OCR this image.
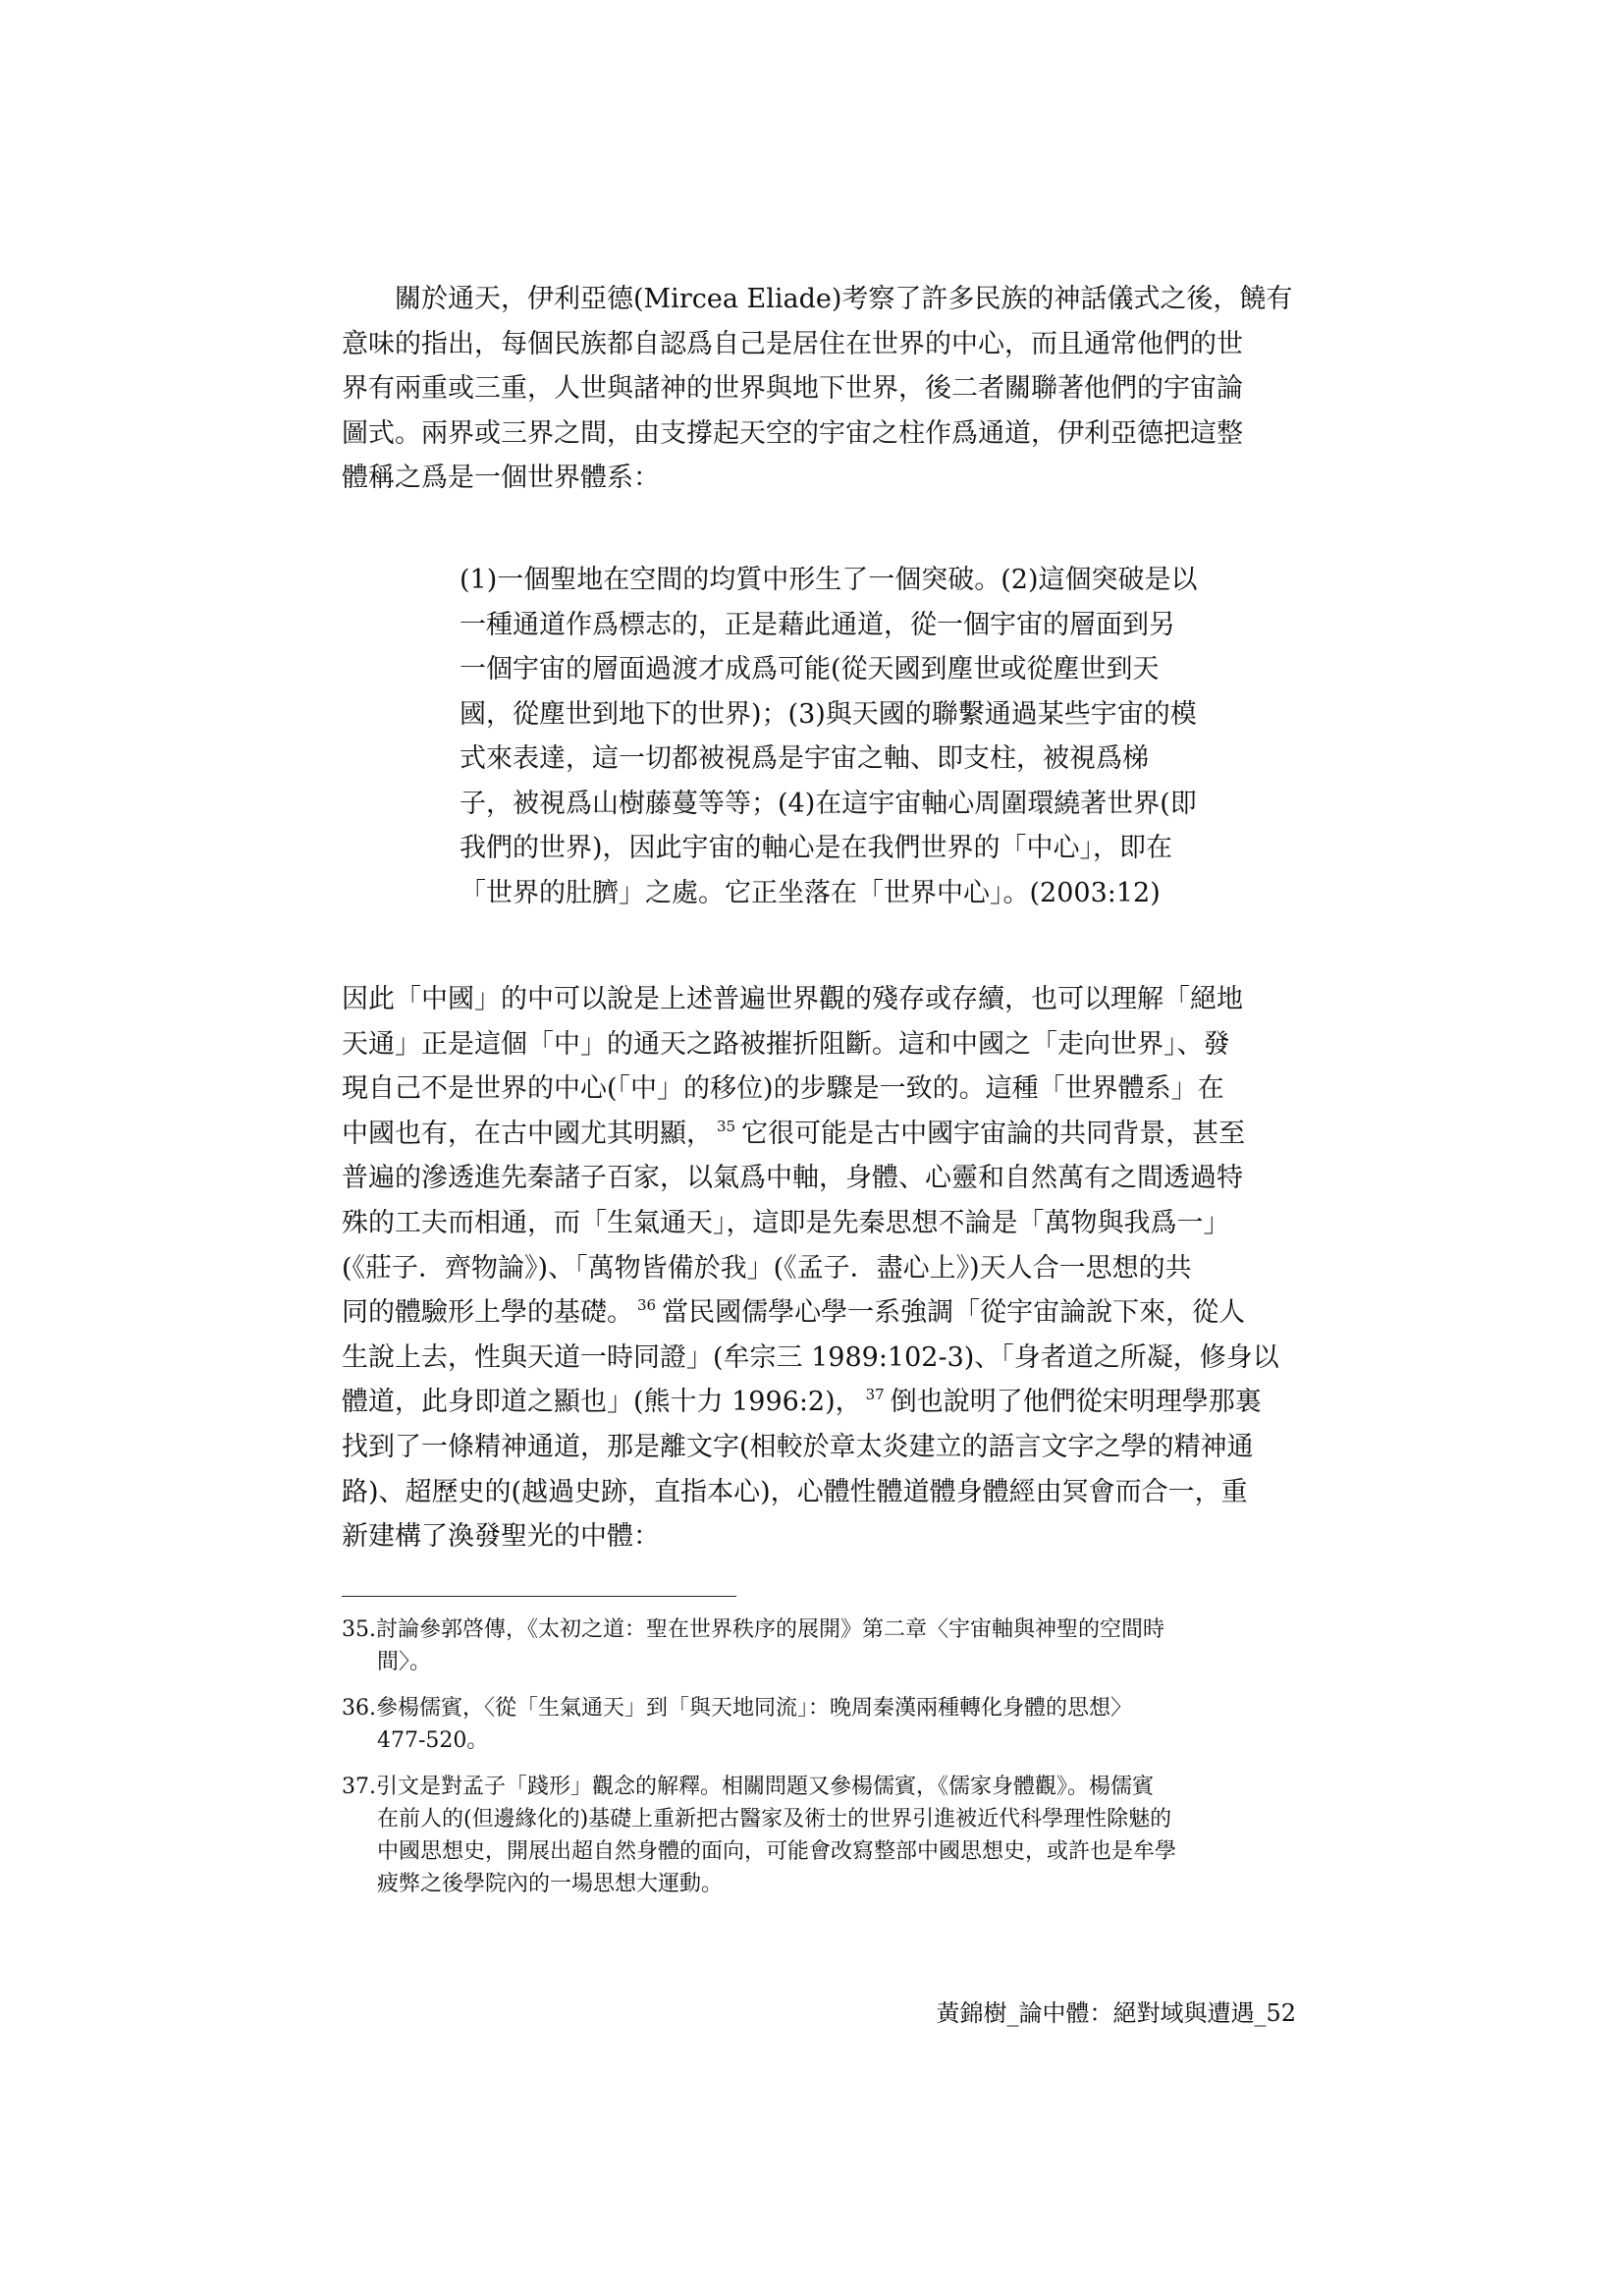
　　關於通天，伊利亞德(Mircea Eliade)考察了許多民族的神話儀式之後，饒有
意味的指出，每個民族都自認爲自己是居住在世界的中心，而且通常他們的世
界有兩重或三重，人世與諸神的世界與地下世界，後二者關聯著他們的宇宙論
圖式。兩界或三界之間，由支撐起天空的宇宙之柱作爲通道，伊利亞德把這整
體稱之爲是一個世界體系：
(1)一個聖地在空間的均質中形生了一個突破。(2)這個突破是以
一種通道作爲標志的，正是藉此通道，從一個宇宙的層面到另
一個宇宙的層面過渡才成爲可能(從天國到塵世或從塵世到天
國，從塵世到地下的世界)；(3)與天國的聯繫通過某些宇宙的模
式來表達，這一切都被視爲是宇宙之軸、即支柱，被視爲梯
子，被視爲山樹藤蔓等等；(4)在這宇宙軸心周圍環繞著世界(即
我們的世界)，因此宇宙的軸心是在我們世界的「中心」，即在
「世界的肚臍」之處。它正坐落在「世界中心」。(2003:12)
因此「中國」的中可以說是上述普遍世界觀的殘存或存續，也可以理解「絕地
天通」正是這個「中」的通天之路被摧折阻斷。這和中國之「走向世界」、發
現自己不是世界的中心(「中」的移位)的步驟是一致的。這種「世界體系」在
中國也有，在古中國尤其明顯， $^{35}$ 它很可能是古中國宇宙論的共同背景，甚至
普遍的滲透進先秦諸子百家，以氣爲中軸，身體、心靈和自然萬有之間透過特
殊的工夫而相通，而「生氣通天」，這即是先秦思想不論是「萬物與我爲一」
(《莊子．齊物論》)、「萬物皆備於我」(《孟子．盡心上》)天人合一思想的共
同的體驗形上學的基礎。 $^{36}$ 當民國儒學心學一系強調「從宇宙論說下來，從人
生說上去，性與天道一時同證」(牟宗三 1989:102-3)、「身者道之所凝，修身以
體道，此身即道之顯也」(熊十力 1996:2)， $^{37}$ 倒也說明了他們從宋明理學那裏
找到了一條精神通道，那是離文字(相較於章太炎建立的語言文字之學的精神通
路)、超歷史的(越過史跡，直指本心)，心體性體道體身體經由冥會而合一，重
新建構了渙發聖光的中體：
35.討論參郭啓傳，《太初之道：聖在世界秩序的展開》第二章〈宇宙軸與神聖的空間時
間〉。
36.參楊儒賓，〈從「生氣通天」到「與天地同流」：晚周秦漢兩種轉化身體的思想〉
477-520。
37.引文是對孟子「踐形」觀念的解釋。相關問題又參楊儒賓，《儒家身體觀》。楊儒賓
在前人的(但邊緣化的)基礎上重新把古醫家及術士的世界引進被近代科學理性除魅的
中國思想史，開展出超自然身體的面向，可能會改寫整部中國思想史，或許也是牟學
疲弊之後學院內的一場思想大運動。
黃錦樹_論中體：絕對域與遭遇_52
